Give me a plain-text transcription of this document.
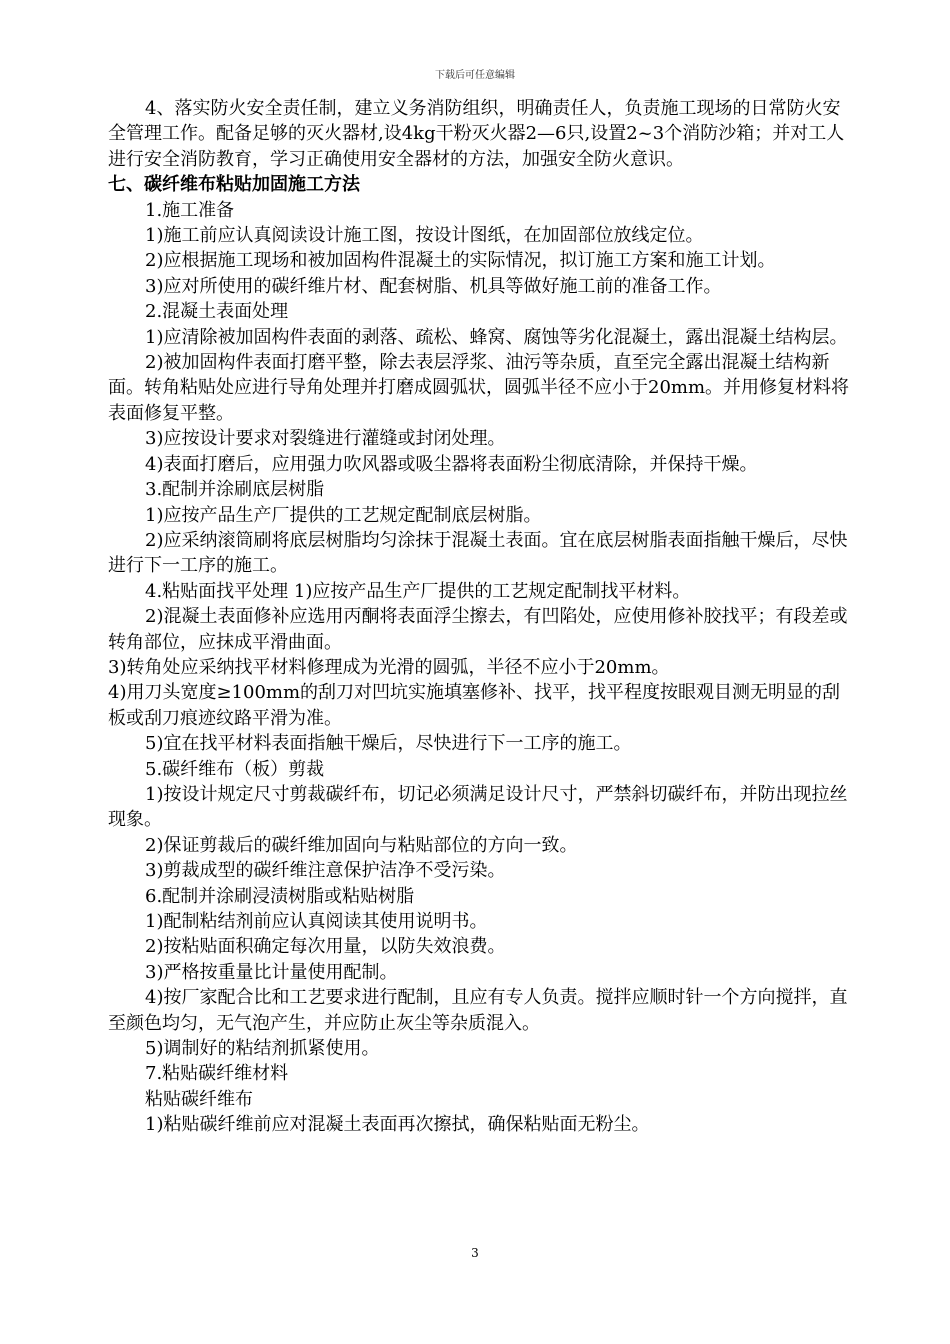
下载后可任意编辑

4、落实防火安全责任制，建立义务消防组织，明确责任人，负责施工现场的日常防火安全管理工作。配备足够的灭火器材,设4kg干粉灭火器2—6只,设置2~3个消防沙箱；并对工人进行安全消防教育，学习正确使用安全器材的方法，加强安全防火意识。

七、碳纤维布粘贴加固施工方法

1.施工准备

1)施工前应认真阅读设计施工图，按设计图纸，在加固部位放线定位。

2)应根据施工现场和被加固构件混凝土的实际情况，拟订施工方案和施工计划。

3)应对所使用的碳纤维片材、配套树脂、机具等做好施工前的准备工作。

2.混凝土表面处理

1)应清除被加固构件表面的剥落、疏松、蜂窝、腐蚀等劣化混凝土，露出混凝土结构层。

2)被加固构件表面打磨平整，除去表层浮浆、油污等杂质，直至完全露出混凝土结构新面。转角粘贴处应进行导角处理并打磨成圆弧状，圆弧半径不应小于20mm。并用修复材料将表面修复平整。

3)应按设计要求对裂缝进行灌缝或封闭处理。

4)表面打磨后，应用强力吹风器或吸尘器将表面粉尘彻底清除，并保持干燥。

3.配制并涂刷底层树脂

1)应按产品生产厂提供的工艺规定配制底层树脂。

2)应采纳滚筒刷将底层树脂均匀涂抹于混凝土表面。宜在底层树脂表面指触干燥后，尽快进行下一工序的施工。

4.粘贴面找平处理 1)应按产品生产厂提供的工艺规定配制找平材料。

2)混凝土表面修补应选用丙酮将表面浮尘擦去，有凹陷处，应使用修补胶找平；有段差或转角部位，应抹成平滑曲面。

3)转角处应采纳找平材料修理成为光滑的圆弧，半径不应小于20mm。

4)用刀头宽度≥100mm的刮刀对凹坑实施填塞修补、找平，找平程度按眼观目测无明显的刮板或刮刀痕迹纹路平滑为准。

5)宜在找平材料表面指触干燥后，尽快进行下一工序的施工。

5.碳纤维布（板）剪裁

1)按设计规定尺寸剪裁碳纤布，切记必须满足设计尺寸，严禁斜切碳纤布，并防出现拉丝现象。

2)保证剪裁后的碳纤维加固向与粘贴部位的方向一致。

3)剪裁成型的碳纤维注意保护洁净不受污染。

6.配制并涂刷浸渍树脂或粘贴树脂

1)配制粘结剂前应认真阅读其使用说明书。

2)按粘贴面积确定每次用量，以防失效浪费。

3)严格按重量比计量使用配制。

4)按厂家配合比和工艺要求进行配制，且应有专人负责。搅拌应顺时针一个方向搅拌，直至颜色均匀，无气泡产生，并应防止灰尘等杂质混入。

5)调制好的粘结剂抓紧使用。

7.粘贴碳纤维材料

粘贴碳纤维布

1)粘贴碳纤维前应对混凝土表面再次擦拭，确保粘贴面无粉尘。

3
